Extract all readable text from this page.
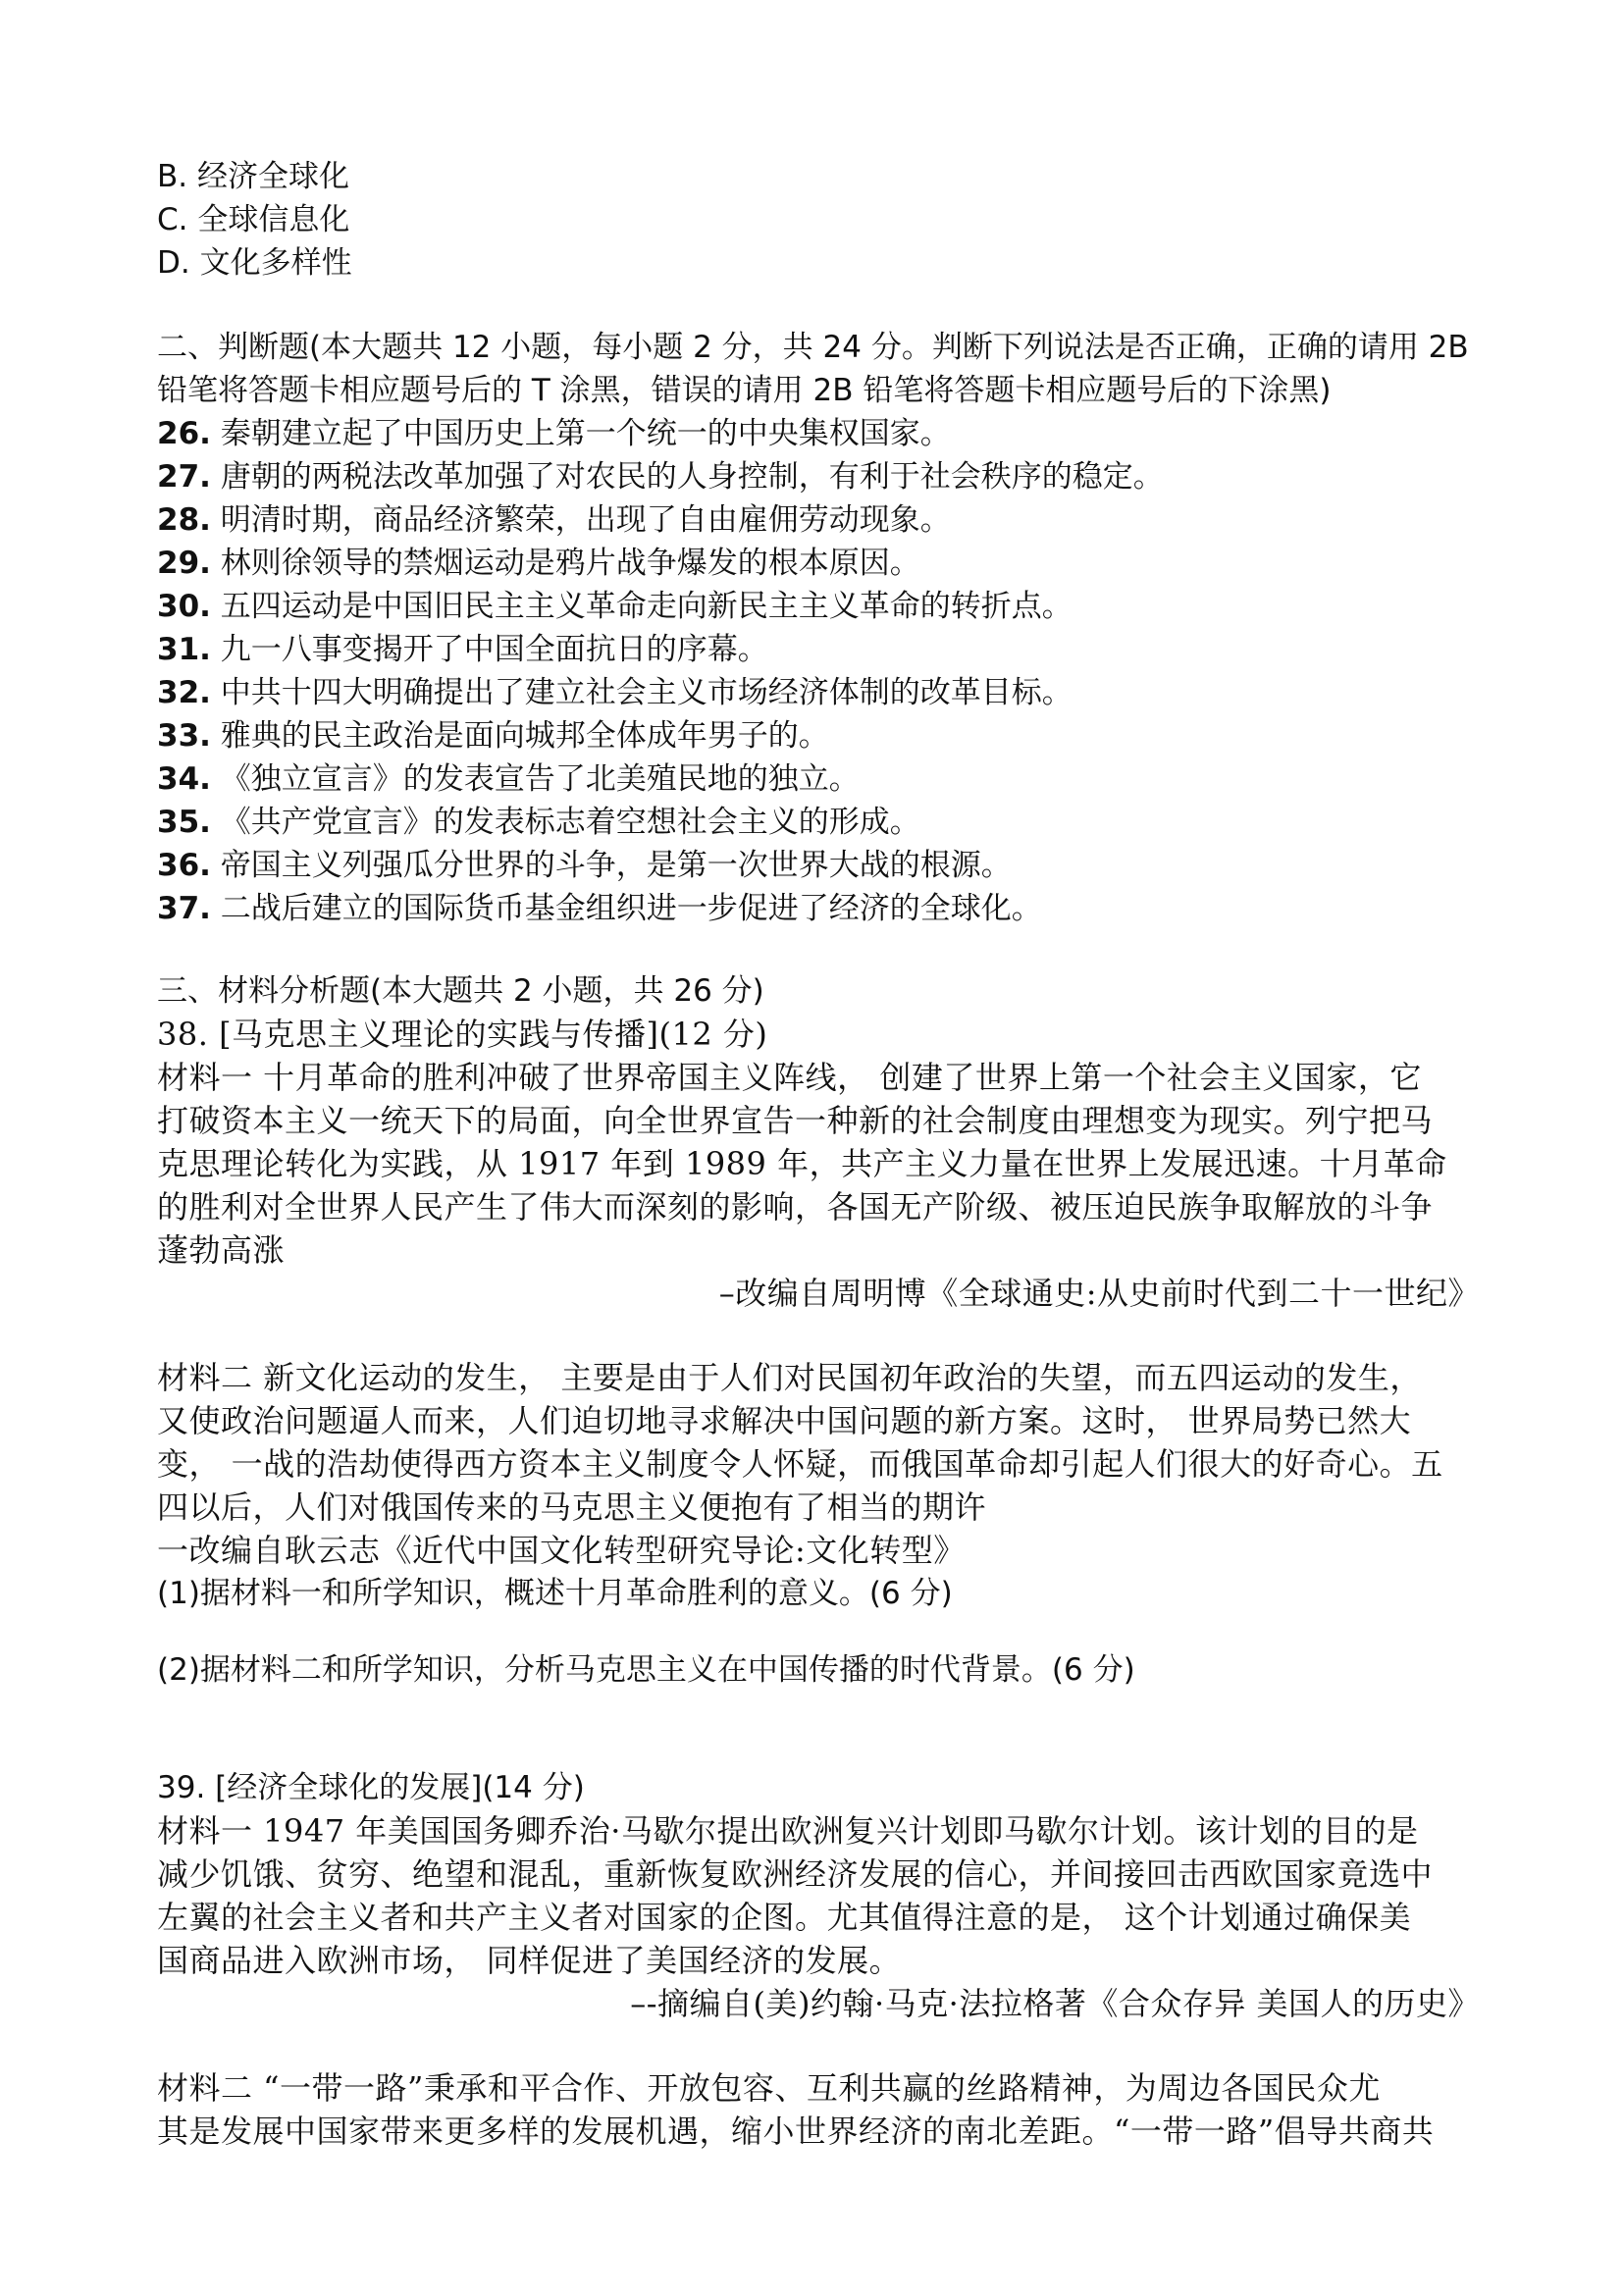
B. 经济全球化
C. 全球信息化
D. 文化多样性
二、判断题(本大题共 12 小题，每小题 2 分，共 24 分。判断下列说法是否正确，正确的请用 2B
铅笔将答题卡相应题号后的 T 涂黑，错误的请用 2B 铅笔将答题卡相应题号后的下涂黑)
26. 秦朝建立起了中国历史上第一个统一的中央集权国家。
27. 唐朝的两税法改革加强了对农民的人身控制，有利于社会秩序的稳定。
28. 明清时期，商品经济繁荣，出现了自由雇佣劳动现象。
29. 林则徐领导的禁烟运动是鸦片战争爆发的根本原因。
30. 五四运动是中国旧民主主义革命走向新民主主义革命的转折点。
31. 九一八事变揭开了中国全面抗日的序幕。
32. 中共十四大明确提出了建立社会主义市场经济体制的改革目标。
33. 雅典的民主政治是面向城邦全体成年男子的。
34. 《独立宣言》的发表宣告了北美殖民地的独立。
35. 《共产党宣言》的发表标志着空想社会主义的形成。
36. 帝国主义列强瓜分世界的斗争，是第一次世界大战的根源。
37. 二战后建立的国际货币基金组织进一步促进了经济的全球化。
三、材料分析题(本大题共 2 小题，共 26 分)
38. [马克思主义理论的实践与传播](12 分)
材料一 十月革命的胜利冲破了世界帝国主义阵线， 创建了世界上第一个社会主义国家，它
打破资本主义一统天下的局面，向全世界宣告一种新的社会制度由理想变为现实。列宁把马
克思理论转化为实践，从 1917 年到 1989 年，共产主义力量在世界上发展迅速。十月革命
的胜利对全世界人民产生了伟大而深刻的影响，各国无产阶级、被压迫民族争取解放的斗争
蓬勃高涨
–改编自周明博《全球通史:从史前时代到二十一世纪》
材料二 新文化运动的发生， 主要是由于人们对民国初年政治的失望，而五四运动的发生，
又使政治问题逼人而来，人们迫切地寻求解决中国问题的新方案。这时， 世界局势已然大
变， 一战的浩劫使得西方资本主义制度令人怀疑，而俄国革命却引起人们很大的好奇心。五
四以后，人们对俄国传来的马克思主义便抱有了相当的期许
一改编自耿云志《近代中国文化转型研究导论:文化转型》
(1)据材料一和所学知识，概述十月革命胜利的意义。(6 分)
(2)据材料二和所学知识，分析马克思主义在中国传播的时代背景。(6 分)
39. [经济全球化的发展](14 分)
材料一 1947 年美国国务卿乔治·马歇尔提出欧洲复兴计划即马歇尔计划。该计划的目的是
减少饥饿、贫穷、绝望和混乱，重新恢复欧洲经济发展的信心，并间接回击西欧国家竟选中
左翼的社会主义者和共产主义者对国家的企图。尤其值得注意的是， 这个计划通过确保美
国商品进入欧洲市场， 同样促进了美国经济的发展。
–-摘编自(美)约翰·马克·法拉格著《合众存异 美国人的历史》
材料二 “一带一路”秉承和平合作、开放包容、互利共赢的丝路精神，为周边各国民众尤
其是发展中国家带来更多样的发展机遇，缩小世界经济的南北差距。“一带一路”倡导共商共
